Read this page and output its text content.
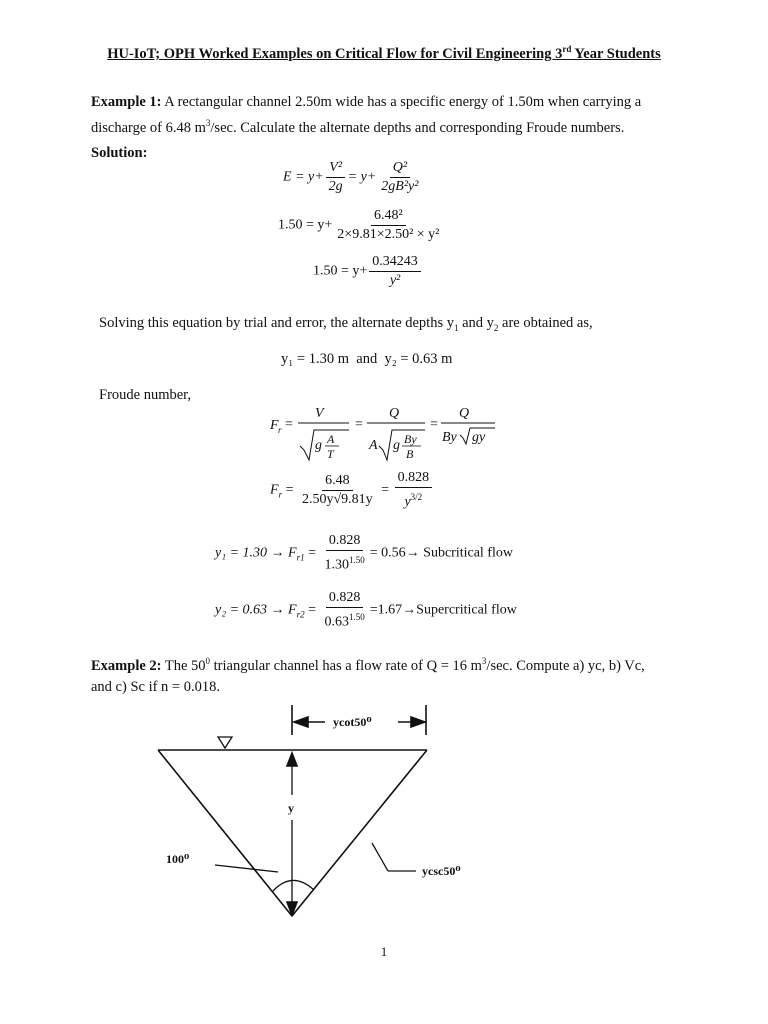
HU-IoT; OPH Worked Examples on Critical Flow for Civil Engineering 3rd Year Students
Example 1: A rectangular channel 2.50m wide has a specific energy of 1.50m when carrying a
discharge of 6.48 $m^3/\sec$. Calculate the alternate depths and corresponding Froude numbers.
Solution:
$E = y+ \frac{\text{V²}}{2g} = y+ \frac{\text{Q²}}{\text{2gB²y²}}$
$1.50 = y+ \frac{\text{6.48²}}{\text{2×9.81×2.50² × y²}}$
$1.50 = y+ \frac{0.34243}{\text{y²}}$
Solving this equation by trial and error, the alternate depths $y_1$ and $y_2$ are obtained as,
y₁ = 1.30 m and y₂ = 0.63 m
Froude number,
F r =
V
g A
T
=
Q
A g By
B
=
Q
By gy
$F_r = \frac{6.48}{2.50y√9.81y} = \frac{0.828}{y^{3/2}}$
$y_1 = 1.30 \to F_{r1} = \frac{0.828}{1.30^{1.50}} = 0.56\to$ Subcritical flow
$y_2 = 0.63 \to F_{r2} = \frac{0.828}{0.63^{1.50}}$ =1.67→Supercritical flow
Example 2: The $50^0$ triangular channel has a flow rate of Q = 16 $m^3/\sec$. Compute a) yc, b) Vc,
and c) Sc if n = 0.018.
ycot50⁰
y
100⁰
ycsc50⁰
1
